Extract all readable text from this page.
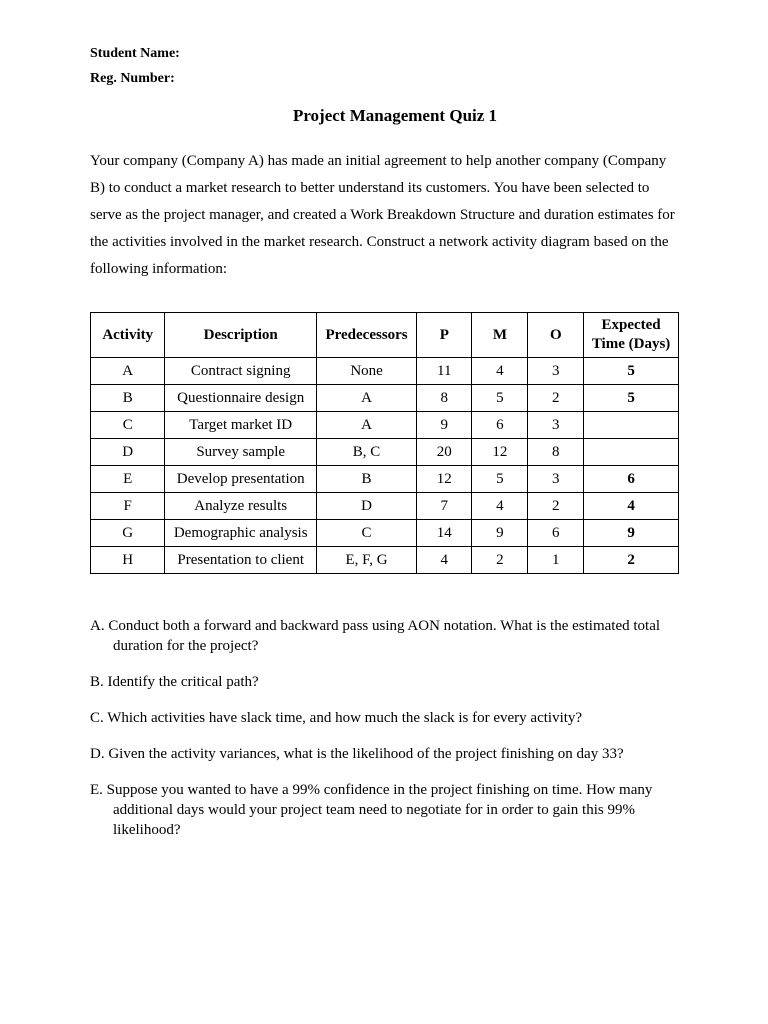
Student Name:
Reg. Number:
Project Management Quiz 1
Your company (Company A) has made an initial agreement to help another company (Company B) to conduct a market research to better understand its customers. You have been selected to serve as the project manager, and created a Work Breakdown Structure and duration estimates for the activities involved in the market research. Construct a network activity diagram based on the following information:
Activity	Description	Predecessors	P	M	O	Expected
Time (Days)
A	Contract signing	None	11	4	3	5
B	Questionnaire design	A	8	5	2	5
C	Target market ID	A	9	6	3	
D	Survey sample	B, C	20	12	8	
E	Develop presentation	B	12	5	3	6
F	Analyze results	D	7	4	2	4
G	Demographic analysis	C	14	9	6	9
H	Presentation to client	E, F, G	4	2	1	2

A. Conduct both a forward and backward pass using AON notation. What is the estimated total duration for the project?

B. Identify the critical path?

C. Which activities have slack time, and how much the slack is for every activity?

D. Given the activity variances, what is the likelihood of the project finishing on day 33?

E. Suppose you wanted to have a 99% confidence in the project finishing on time. How many additional days would your project team need to negotiate for in order to gain this 99% likelihood?
